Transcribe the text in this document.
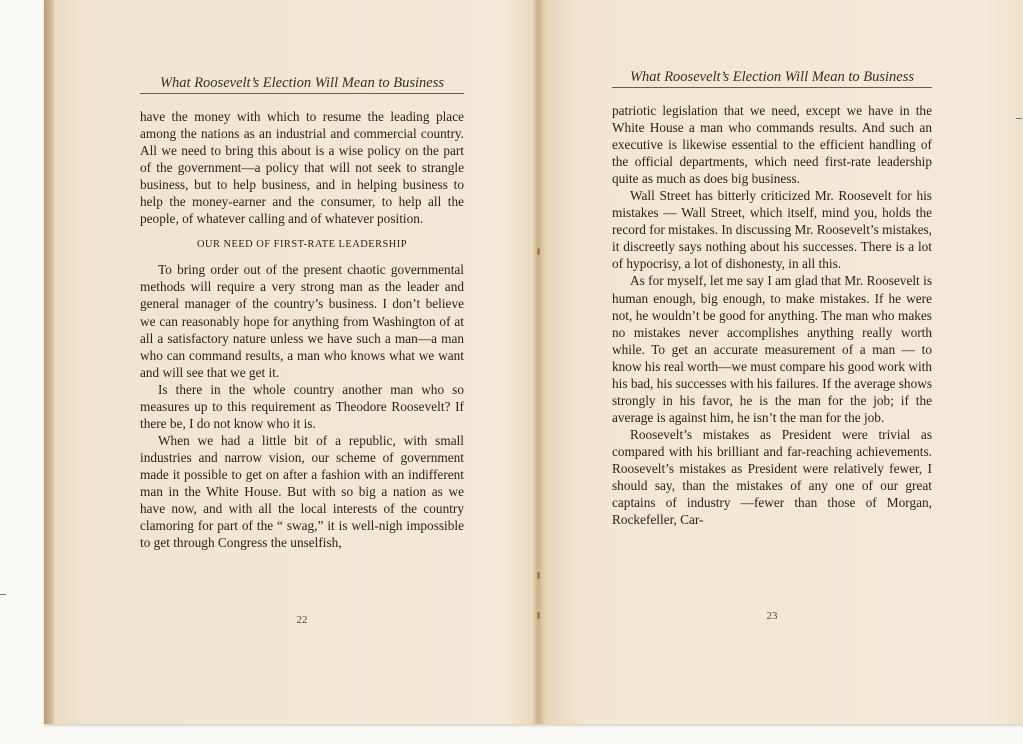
What Roosevelt’s Election Will Mean to Business

have the money with which to resume the leading place among the nations as an industrial and commercial country. All we need to bring this about is a wise policy on the part of the government—a policy that will not seek to strangle business, but to help business, and in helping business to help the money-earner and the consumer, to help all the people, of whatever calling and of whatever position.

OUR NEED OF FIRST-RATE LEADERSHIP

To bring order out of the present chaotic governmental methods will require a very strong man as the leader and general manager of the country’s business. I don’t believe we can reasonably hope for anything from Washington of at all a satisfactory nature unless we have such a man—a man who can command results, a man who knows what we want and will see that we get it.

Is there in the whole country another man who so measures up to this requirement as Theodore Roosevelt? If there be, I do not know who it is.

When we had a little bit of a republic, with small industries and narrow vision, our scheme of government made it possible to get on after a fashion with an indifferent man in the White House. But with so big a nation as we have now, and with all the local interests of the country clamoring for part of the “ swag,” it is well-nigh impossible to get through Congress the unselfish,

22
What Roosevelt’s Election Will Mean to Business

patriotic legislation that we need, except we have in the White House a man who commands results. And such an executive is likewise essential to the efficient handling of the official departments, which need first-rate leadership quite as much as does big business.

Wall Street has bitterly criticized Mr. Roosevelt for his mistakes — Wall Street, which itself, mind you, holds the record for mistakes. In discussing Mr. Roosevelt’s mistakes, it discreetly says nothing about his successes. There is a lot of hypocrisy, a lot of dishonesty, in all this.

As for myself, let me say I am glad that Mr. Roosevelt is human enough, big enough, to make mistakes. If he were not, he wouldn’t be good for anything. The man who makes no mistakes never accomplishes anything really worth while. To get an accurate measurement of a man — to know his real worth—we must compare his good work with his bad, his successes with his failures. If the average shows strongly in his favor, he is the man for the job; if the average is against him, he isn’t the man for the job.

Roosevelt’s mistakes as President were trivial as compared with his brilliant and far-reaching achievements. Roosevelt’s mistakes as President were relatively fewer, I should say, than the mistakes of any one of our great captains of industry —fewer than those of Morgan, Rockefeller, Car-

23
